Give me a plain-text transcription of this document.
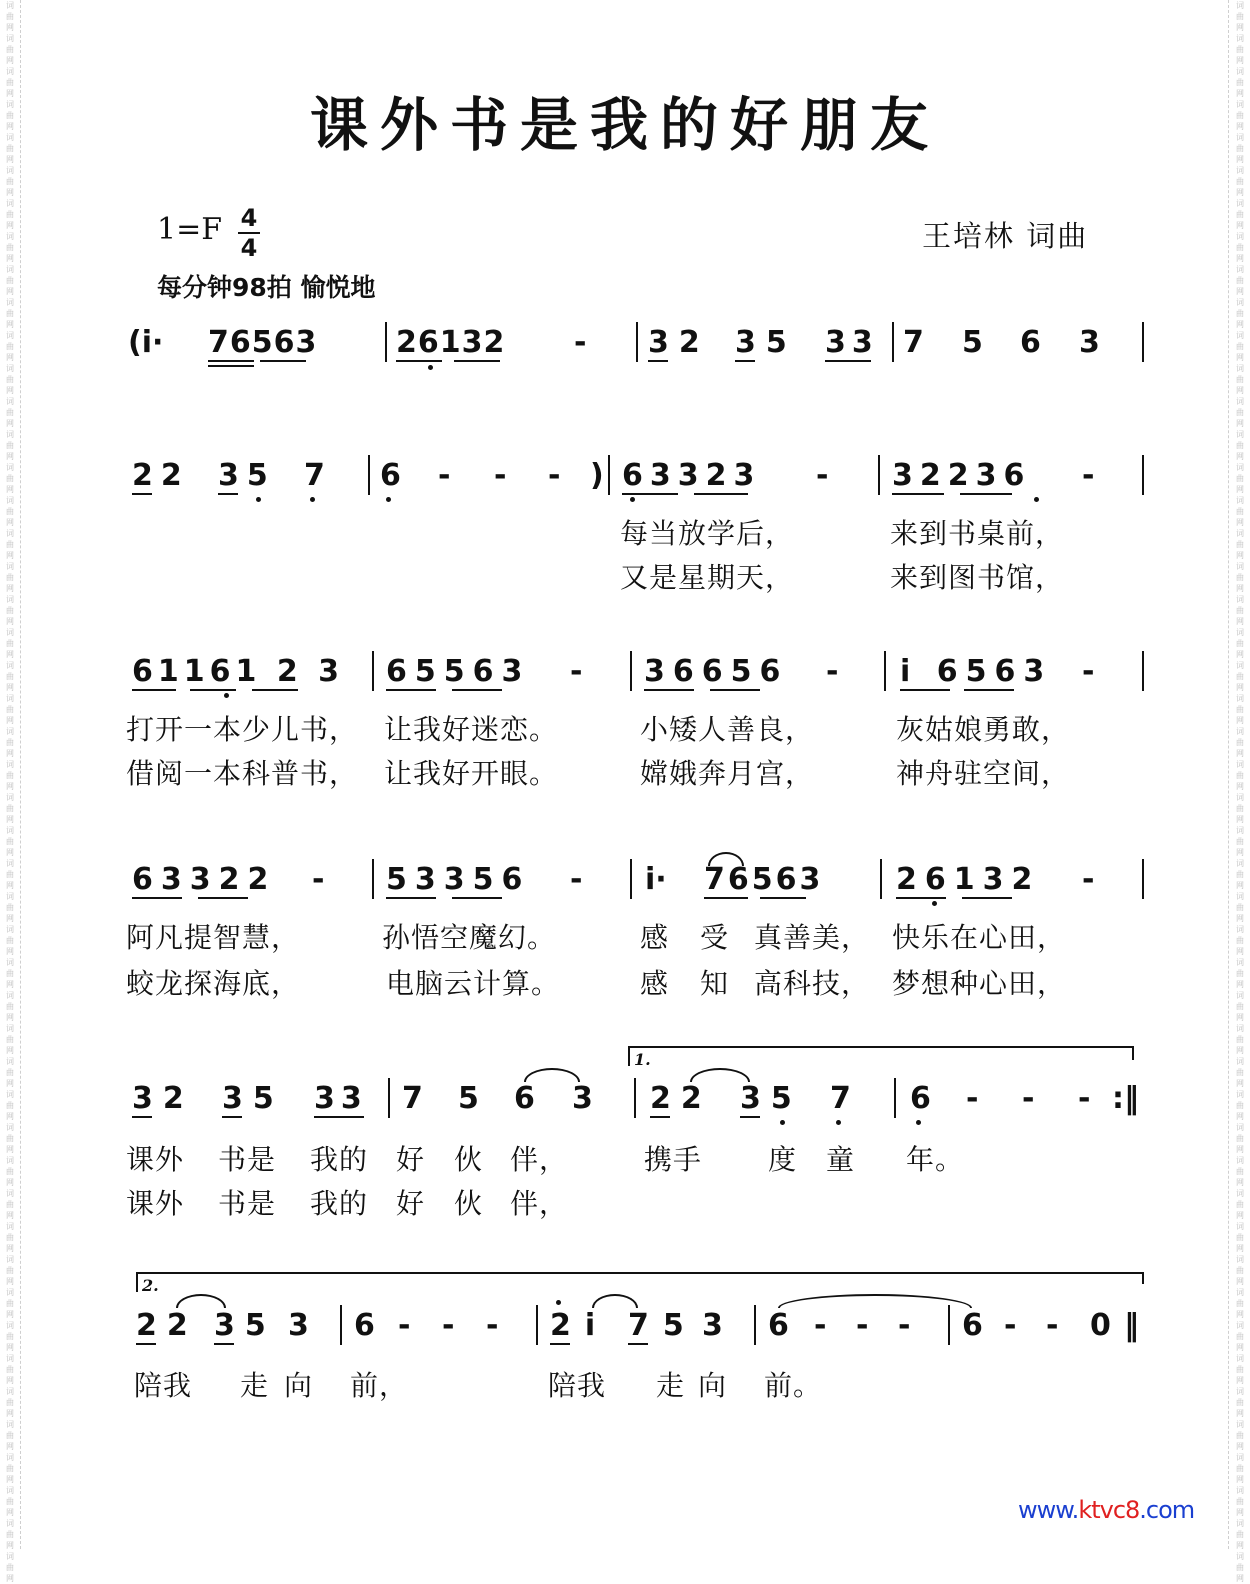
词曲网词曲网词曲网词曲网词曲网词曲网词曲网词曲网词曲网词曲网词曲网词曲网词曲网词曲网词曲网词曲网词曲网词曲网词曲网词曲网词曲网词曲网词曲网词曲网词曲网词曲网词曲网词曲网词曲网词曲网词曲网词曲网词曲网词曲网词曲网词曲网词曲网词曲网词曲网词曲网词曲网词曲网词曲网词曲网词曲网词曲网词曲网词曲网
词曲网词曲网词曲网词曲网词曲网词曲网词曲网词曲网词曲网词曲网词曲网词曲网词曲网词曲网词曲网词曲网词曲网词曲网词曲网词曲网词曲网词曲网词曲网词曲网词曲网词曲网词曲网词曲网词曲网词曲网词曲网词曲网词曲网词曲网词曲网词曲网词曲网词曲网词曲网词曲网词曲网词曲网词曲网词曲网词曲网词曲网词曲网词曲网
课外书是我的好朋友
1=F 4
4
每分钟98拍 愉悦地
王培林 词曲
(i· 76563	26132 - 32 35 33 7 5 6 3
22 35 7 6 - - - ) 63323 - 32236 -
每当放学后，	来到书桌前，
又是星期天，	来到图书馆，
61161 2 3 65563 - 36656 - i 6563 -
打开一本少儿书， 让我好迷恋。	小矮人善良，	灰姑娘勇敢，
借阅一本科普书， 让我好开眼。	嫦娥奔月宫，	神舟驻空间，
63322 - 53356 - i· 76563 26132 -
阿凡提智慧，	孙悟空魔幻。	感 受 真善美， 快乐在心田，
蛟龙探海底，	电脑云计算。	感 知 高科技， 梦想种心田，
1.
32 35 33 7 5 6 3 22 35 7 6 - - - :‖
课外 书是 我的 好 伙 伴，	携手 度 童 年。
课外 书是 我的 好 伙 伴，
2.
22 35 3 6 - - - 2i 75 3 6 - - - 6 - - 0 ‖
陪我 走 向 前，	陪我 走 向 前。
www.ktvc8.com
